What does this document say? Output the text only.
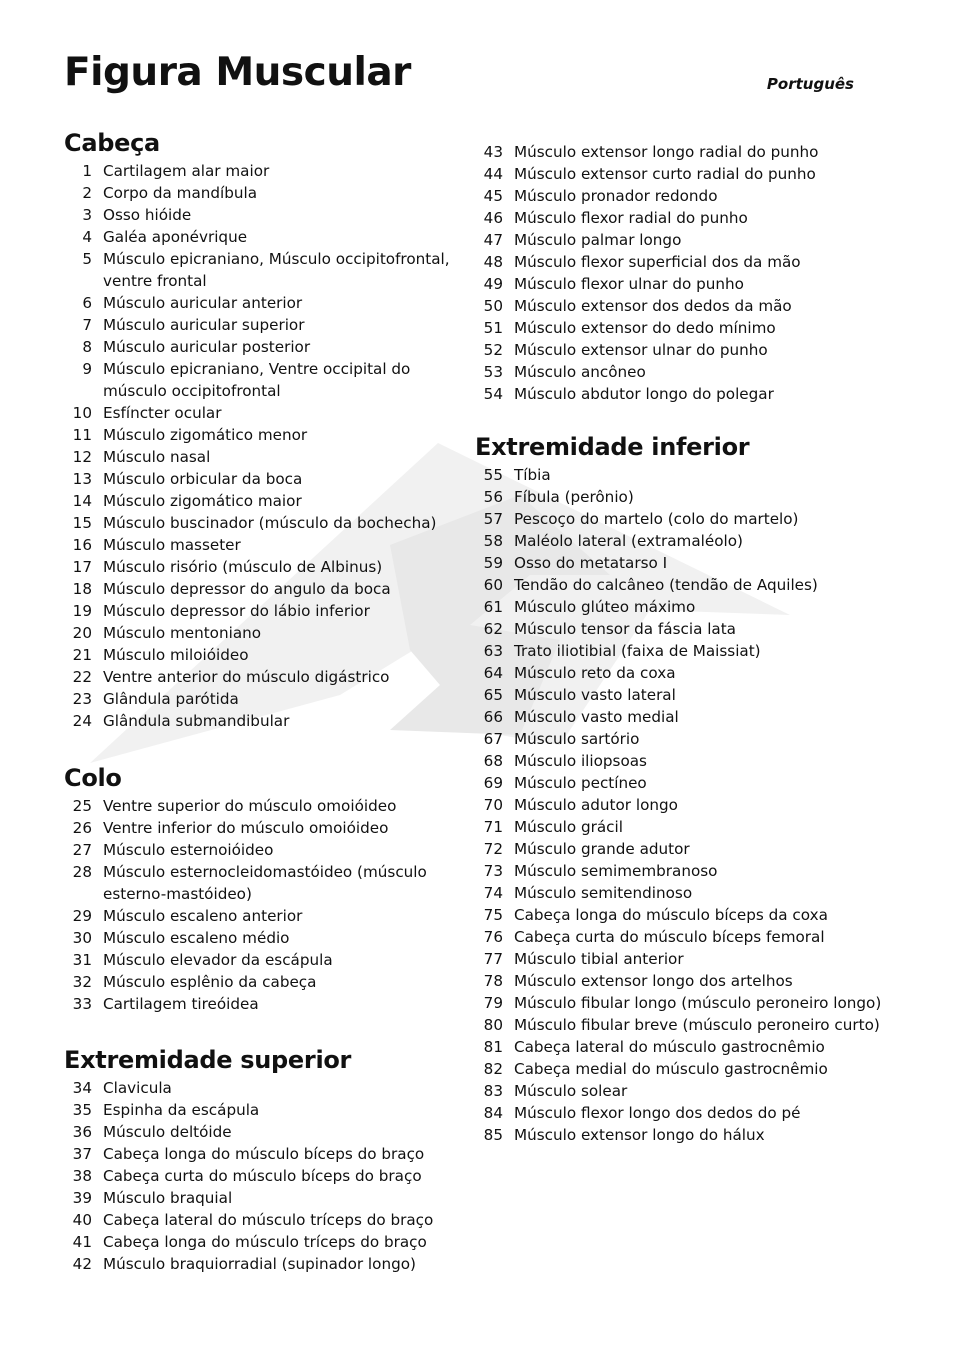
Figura Muscular	Português
Cabeça
1 Cartilagem alar maior
2 Corpo da mandíbula
3 Osso hióide
4 Galéa aponévrique
5 Músculo epicraniano, Músculo occipitofrontal, ventre frontal
6 Músculo auricular anterior
7 Músculo auricular superior
8 Músculo auricular posterior
9 Músculo epicraniano, Ventre occipital do músculo occipitofrontal
10 Esfíncter ocular
11 Músculo zigomático menor
12 Músculo nasal
13 Músculo orbicular da boca
14 Músculo zigomático maior
15 Músculo buscinador (músculo da bochecha)
16 Músculo masseter
17 Músculo risório (músculo de Albinus)
18 Músculo depressor do angulo da boca
19 Músculo depressor do lábio inferior
20 Músculo mentoniano
21 Músculo miloióideo
22 Ventre anterior do músculo digástrico
23 Glândula parótida
24 Glândula submandibular
Colo
25 Ventre superior do músculo omoióideo
26 Ventre inferior do músculo omoióideo
27 Músculo esternoióideo
28 Músculo esternocleidomastóideo (músculo esterno-mastóideo)
29 Músculo escaleno anterior
30 Músculo escaleno médio
31 Músculo elevador da escápula
32 Músculo esplênio da cabeça
33 Cartilagem tireóidea
Extremidade superior
34 Clavicula
35 Espinha da escápula
36 Músculo deltóide
37 Cabeça longa do músculo bíceps do braço
38 Cabeça curta do músculo bíceps do braço
39 Músculo braquial
40 Cabeça lateral do músculo tríceps do braço
41 Cabeça longa do músculo tríceps do braço
42 Músculo braquiorradial (supinador longo)
43 Músculo extensor longo radial do punho
44 Músculo extensor curto radial do punho
45 Músculo pronador redondo
46 Músculo flexor radial do punho
47 Músculo palmar longo
48 Músculo flexor superficial dos da mão
49 Músculo flexor ulnar do punho
50 Músculo extensor dos dedos da mão
51 Músculo extensor do dedo mínimo
52 Músculo extensor ulnar do punho
53 Músculo ancôneo
54 Músculo abdutor longo do polegar
Extremidade inferior
55 Tíbia
56 Fíbula (perônio)
57 Pescoço do martelo (colo do martelo)
58 Maléolo lateral (extramaléolo)
59 Osso do metatarso I
60 Tendão do calcâneo (tendão de Aquiles)
61 Músculo glúteo máximo
62 Músculo tensor da fáscia lata
63 Trato iliotibial (faixa de Maissiat)
64 Músculo reto da coxa
65 Músculo vasto lateral
66 Músculo vasto medial
67 Músculo sartório
68 Músculo iliopsoas
69 Músculo pectíneo
70 Músculo adutor longo
71 Músculo grácil
72 Músculo grande adutor
73 Músculo semimembranoso
74 Músculo semitendinoso
75 Cabeça longa do músculo bíceps da coxa
76 Cabeça curta do músculo bíceps femoral
77 Músculo tibial anterior
78 Músculo extensor longo dos artelhos
79 Músculo fibular longo (músculo peroneiro longo)
80 Músculo fibular breve (músculo peroneiro curto)
81 Cabeça lateral do músculo gastrocnêmio
82 Cabeça medial do músculo gastrocnêmio
83 Músculo solear
84 Músculo flexor longo dos dedos do pé
85 Músculo extensor longo do hálux
